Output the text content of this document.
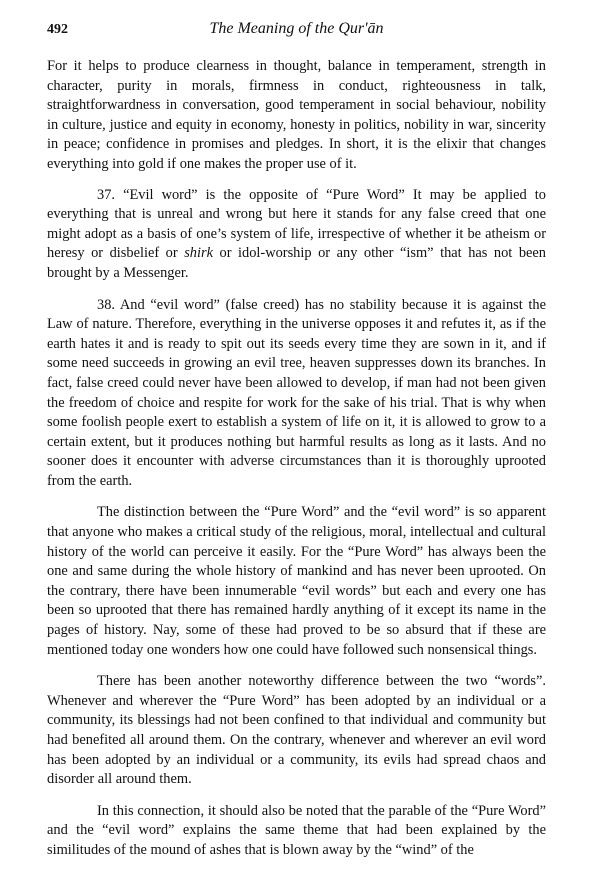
492	The Meaning of the Qur'ān

For it helps to produce clearness in thought, balance in temperament, strength in character, purity in morals, firmness in conduct, righteousness in talk, straightforwardness in conversation, good temperament in social behaviour, nobility in culture, justice and equity in economy, honesty in politics, nobility in war, sincerity in peace; confidence in promises and pledges. In short, it is the elixir that changes everything into gold if one makes the proper use of it.

37. “Evil word” is the opposite of “Pure Word” It may be applied to everything that is unreal and wrong but here it stands for any false creed that one might adopt as a basis of one’s system of life, irrespective of whether it be atheism or heresy or disbelief or shirk or idol-worship or any other “ism” that has not been brought by a Messenger.

38. And “evil word” (false creed) has no stability because it is against the Law of nature. Therefore, everything in the universe opposes it and refutes it, as if the earth hates it and is ready to spit out its seeds every time they are sown in it, and if some need succeeds in growing an evil tree, heaven suppresses down its branches. In fact, false creed could never have been allowed to develop, if man had not been given the freedom of choice and respite for work for the sake of his trial. That is why when some foolish people exert to establish a system of life on it, it is allowed to grow to a certain extent, but it produces nothing but harmful results as long as it lasts. And no sooner does it encounter with adverse circumstances than it is thoroughly uprooted from the earth.

The distinction between the “Pure Word” and the “evil word” is so apparent that anyone who makes a critical study of the religious, moral, intellectual and cultural history of the world can perceive it easily. For the “Pure Word” has always been the one and same during the whole history of mankind and has never been uprooted. On the contrary, there have been innumerable “evil words” but each and every one has been so uprooted that there has remained hardly anything of it except its name in the pages of history. Nay, some of these had proved to be so absurd that if these are mentioned today one wonders how one could have followed such nonsensical things.

There has been another noteworthy difference between the two “words”. Whenever and wherever the “Pure Word” has been adopted by an individual or a community, its blessings had not been confined to that individual and community but had benefited all around them. On the contrary, whenever and wherever an evil word has been adopted by an individual or a community, its evils had spread chaos and disorder all around them.

In this connection, it should also be noted that the parable of the “Pure Word” and the “evil word” explains the same theme that had been explained by the similitudes of the mound of ashes that is blown away by the “wind” of the
